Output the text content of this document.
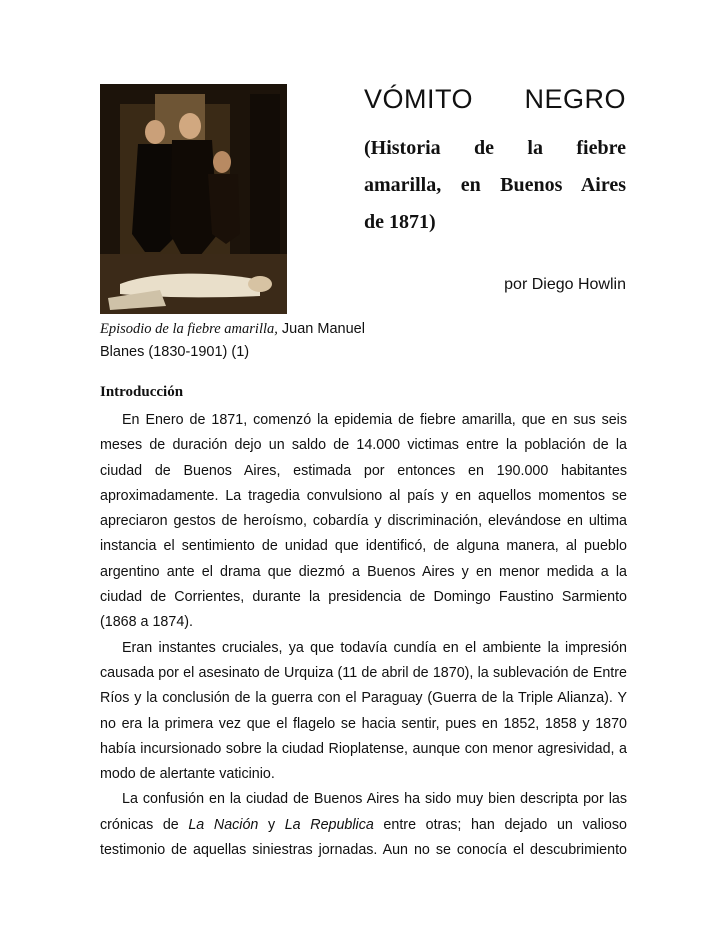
VÓMITO NEGRO
(Historia de la fiebre
amarilla, en Buenos Aires
de 1871)
por Diego Howlin
Episodio de la fiebre amarilla, Juan Manuel
Blanes (1830-1901) (1)
Introducción

En Enero de 1871, comenzó la epidemia de fiebre amarilla, que en sus seis
meses de duración dejo un saldo de 14.000 victimas entre la población de la
ciudad de Buenos Aires, estimada por entonces en 190.000 habitantes
aproximadamente. La tragedia convulsiono al país y en aquellos momentos se
apreciaron gestos de heroísmo, cobardía y discriminación, elevándose en ultima
instancia el sentimiento de unidad que identificó, de alguna manera, al pueblo
argentino ante el drama que diezmó a Buenos Aires y en menor medida a la
ciudad de Corrientes, durante la presidencia de Domingo Faustino Sarmiento
(1868 a 1874).

Eran instantes cruciales, ya que todavía cundía en el ambiente la impresión
causada por el asesinato de Urquiza (11 de abril de 1870), la sublevación de Entre
Ríos y la conclusión de la guerra con el Paraguay (Guerra de la Triple Alianza). Y
no era la primera vez que el flagelo se hacia sentir, pues en 1852, 1858 y 1870
había incursionado sobre la ciudad Rioplatense, aunque con menor agresividad, a
modo de alertante vaticinio.

La confusión en la ciudad de Buenos Aires ha sido muy bien descripta por las
crónicas de La Nación y La Republica entre otras; han dejado un valioso
testimonio de aquellas siniestras jornadas. Aun no se conocía el descubrimiento
